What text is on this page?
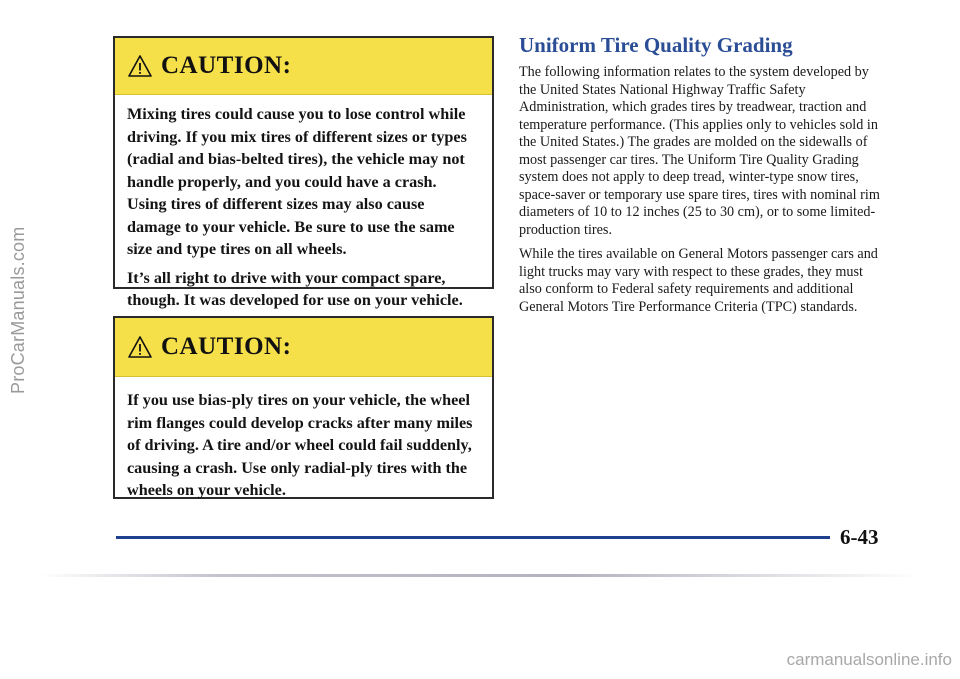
ProCarManuals.com
CAUTION:

Mixing tires could cause you to lose control while driving. If you mix tires of different sizes or types (radial and bias-belted tires), the vehicle may not handle properly, and you could have a crash. Using tires of different sizes may also cause damage to your vehicle. Be sure to use the same size and type tires on all wheels.

It’s all right to drive with your compact spare, though. It was developed for use on your vehicle.

CAUTION:

If you use bias-ply tires on your vehicle, the wheel rim flanges could develop cracks after many miles of driving. A tire and/or wheel could fail suddenly, causing a crash. Use only radial-ply tires with the wheels on your vehicle.

Uniform Tire Quality Grading

The following information relates to the system developed by the United States National Highway Traffic Safety Administration, which grades tires by treadwear, traction and temperature performance. (This applies only to vehicles sold in the United States.) The grades are molded on the sidewalls of most passenger car tires. The Uniform Tire Quality Grading system does not apply to deep tread, winter-type snow tires, space-saver or temporary use spare tires, tires with nominal rim diameters of 10 to 12 inches (25 to 30 cm), or to some limited-production tires.

While the tires available on General Motors passenger cars and light trucks may vary with respect to these grades, they must also conform to Federal safety requirements and additional General Motors Tire Performance Criteria (TPC) standards.

6-43
carmanualsonline.info
